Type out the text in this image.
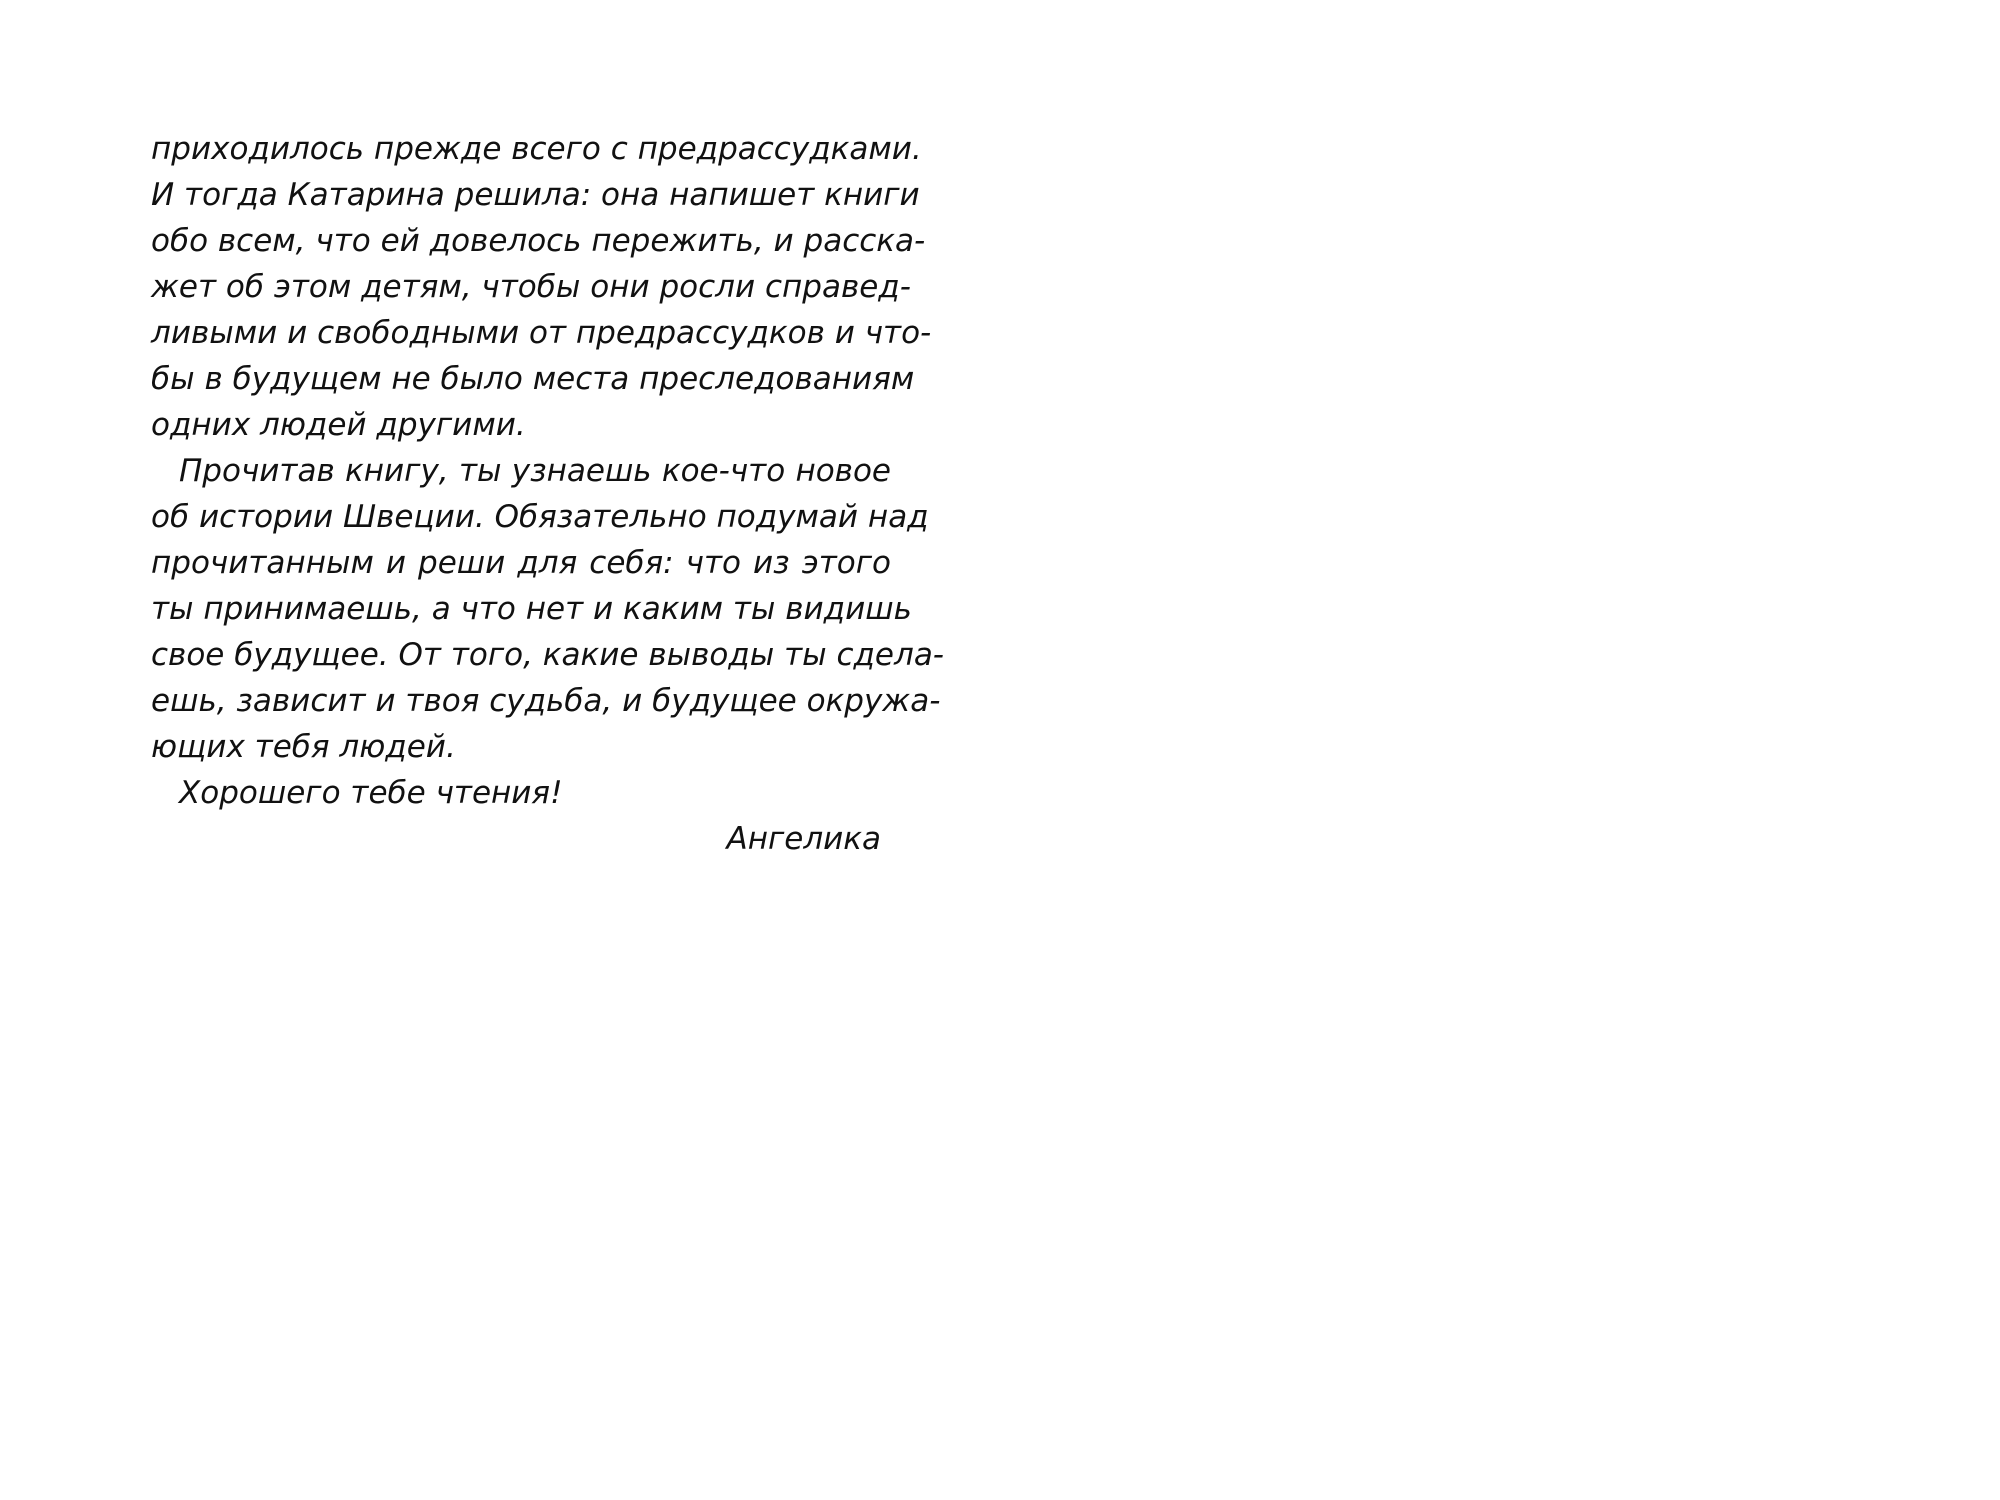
приходилось прежде всего с предрассудками.
И тогда Катарина решила: она напишет книги
обо всем, что ей довелось пережить, и расска-
жет об этом детям, чтобы они росли справед-
ливыми и свободными от предрассудков и что-
бы в будущем не было места преследованиям
одних людей другими.
Прочитав книгу, ты узнаешь кое-что новое
об истории Швеции. Обязательно подумай над
прочитанным и реши для себя: что из этого
ты принимаешь, а что нет и каким ты видишь
свое будущее. От того, какие выводы ты сдела-
ешь, зависит и твоя судьба, и будущее окружа-
ющих тебя людей.
Хорошего тебе чтения!
Ангелика
